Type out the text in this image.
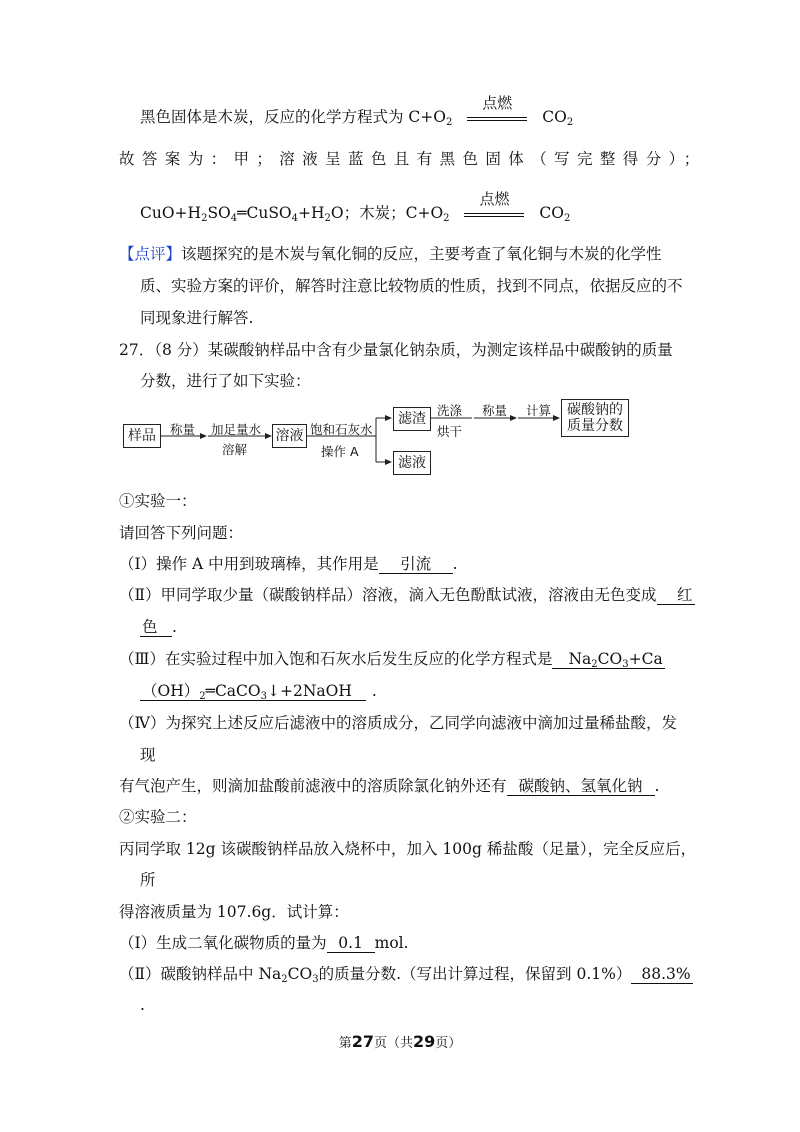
黑色固体是木炭，反应的化学方程式为 $C+O_2$
点燃
$CO_2$
故答案为：甲；溶液呈蓝色且有黑色固体（写完整得分）；
$CuO+H_2SO_4═CuSO_4+H_2O$；木炭；$C+O_2$
点燃
$CO_2$
【点评】该题探究的是木炭与氧化铜的反应，主要考查了氧化铜与木炭的化学性
质、实验方案的评价，解答时注意比较物质的性质，找到不同点，依据反应的不
同现象进行解答.
27．（8 分）某碳酸钠样品中含有少量氯化钠杂质，为测定该样品中碳酸钠的质量
分数，进行了如下实验：
样品	称量 加足量水
溶解
溶液 饱和石灰水
操作 A
滤渣
滤液
洗涤
烘干
称量 计算 碳酸钠的
质量分数
①实验一：
请回答下列问题：
（Ⅰ）操作 A 中用到玻璃棒，其作用是 引流 .
（Ⅱ）甲同学取少量（碳酸钠样品）溶液，滴入无色酚酞试液，溶液由无色变成 红
色 .
（Ⅲ）在实验过程中加入饱和石灰水后发生反应的化学方程式是 $Na_2CO_3+Ca$
$(OH)_2═CaCO_3↓+2NaOH$ .
（Ⅳ）为探究上述反应后滤液中的溶质成分，乙同学向滤液中滴加过量稀盐酸，发
现
有气泡产生，则滴加盐酸前滤液中的溶质除氯化钠外还有 碳酸钠、氢氧化钠 .
②实验二：
丙同学取 12g 该碳酸钠样品放入烧杯中，加入 100g 稀盐酸（足量），完全反应后，
所
得溶液质量为 107.6g．试计算：
（Ⅰ）生成二氧化碳物质的量为 0.1 mol.
（Ⅱ）碳酸钠样品中 $Na_2CO_3$的质量分数.（写出计算过程，保留到 0.1%） 88.3%
.
第27页（共29页）
